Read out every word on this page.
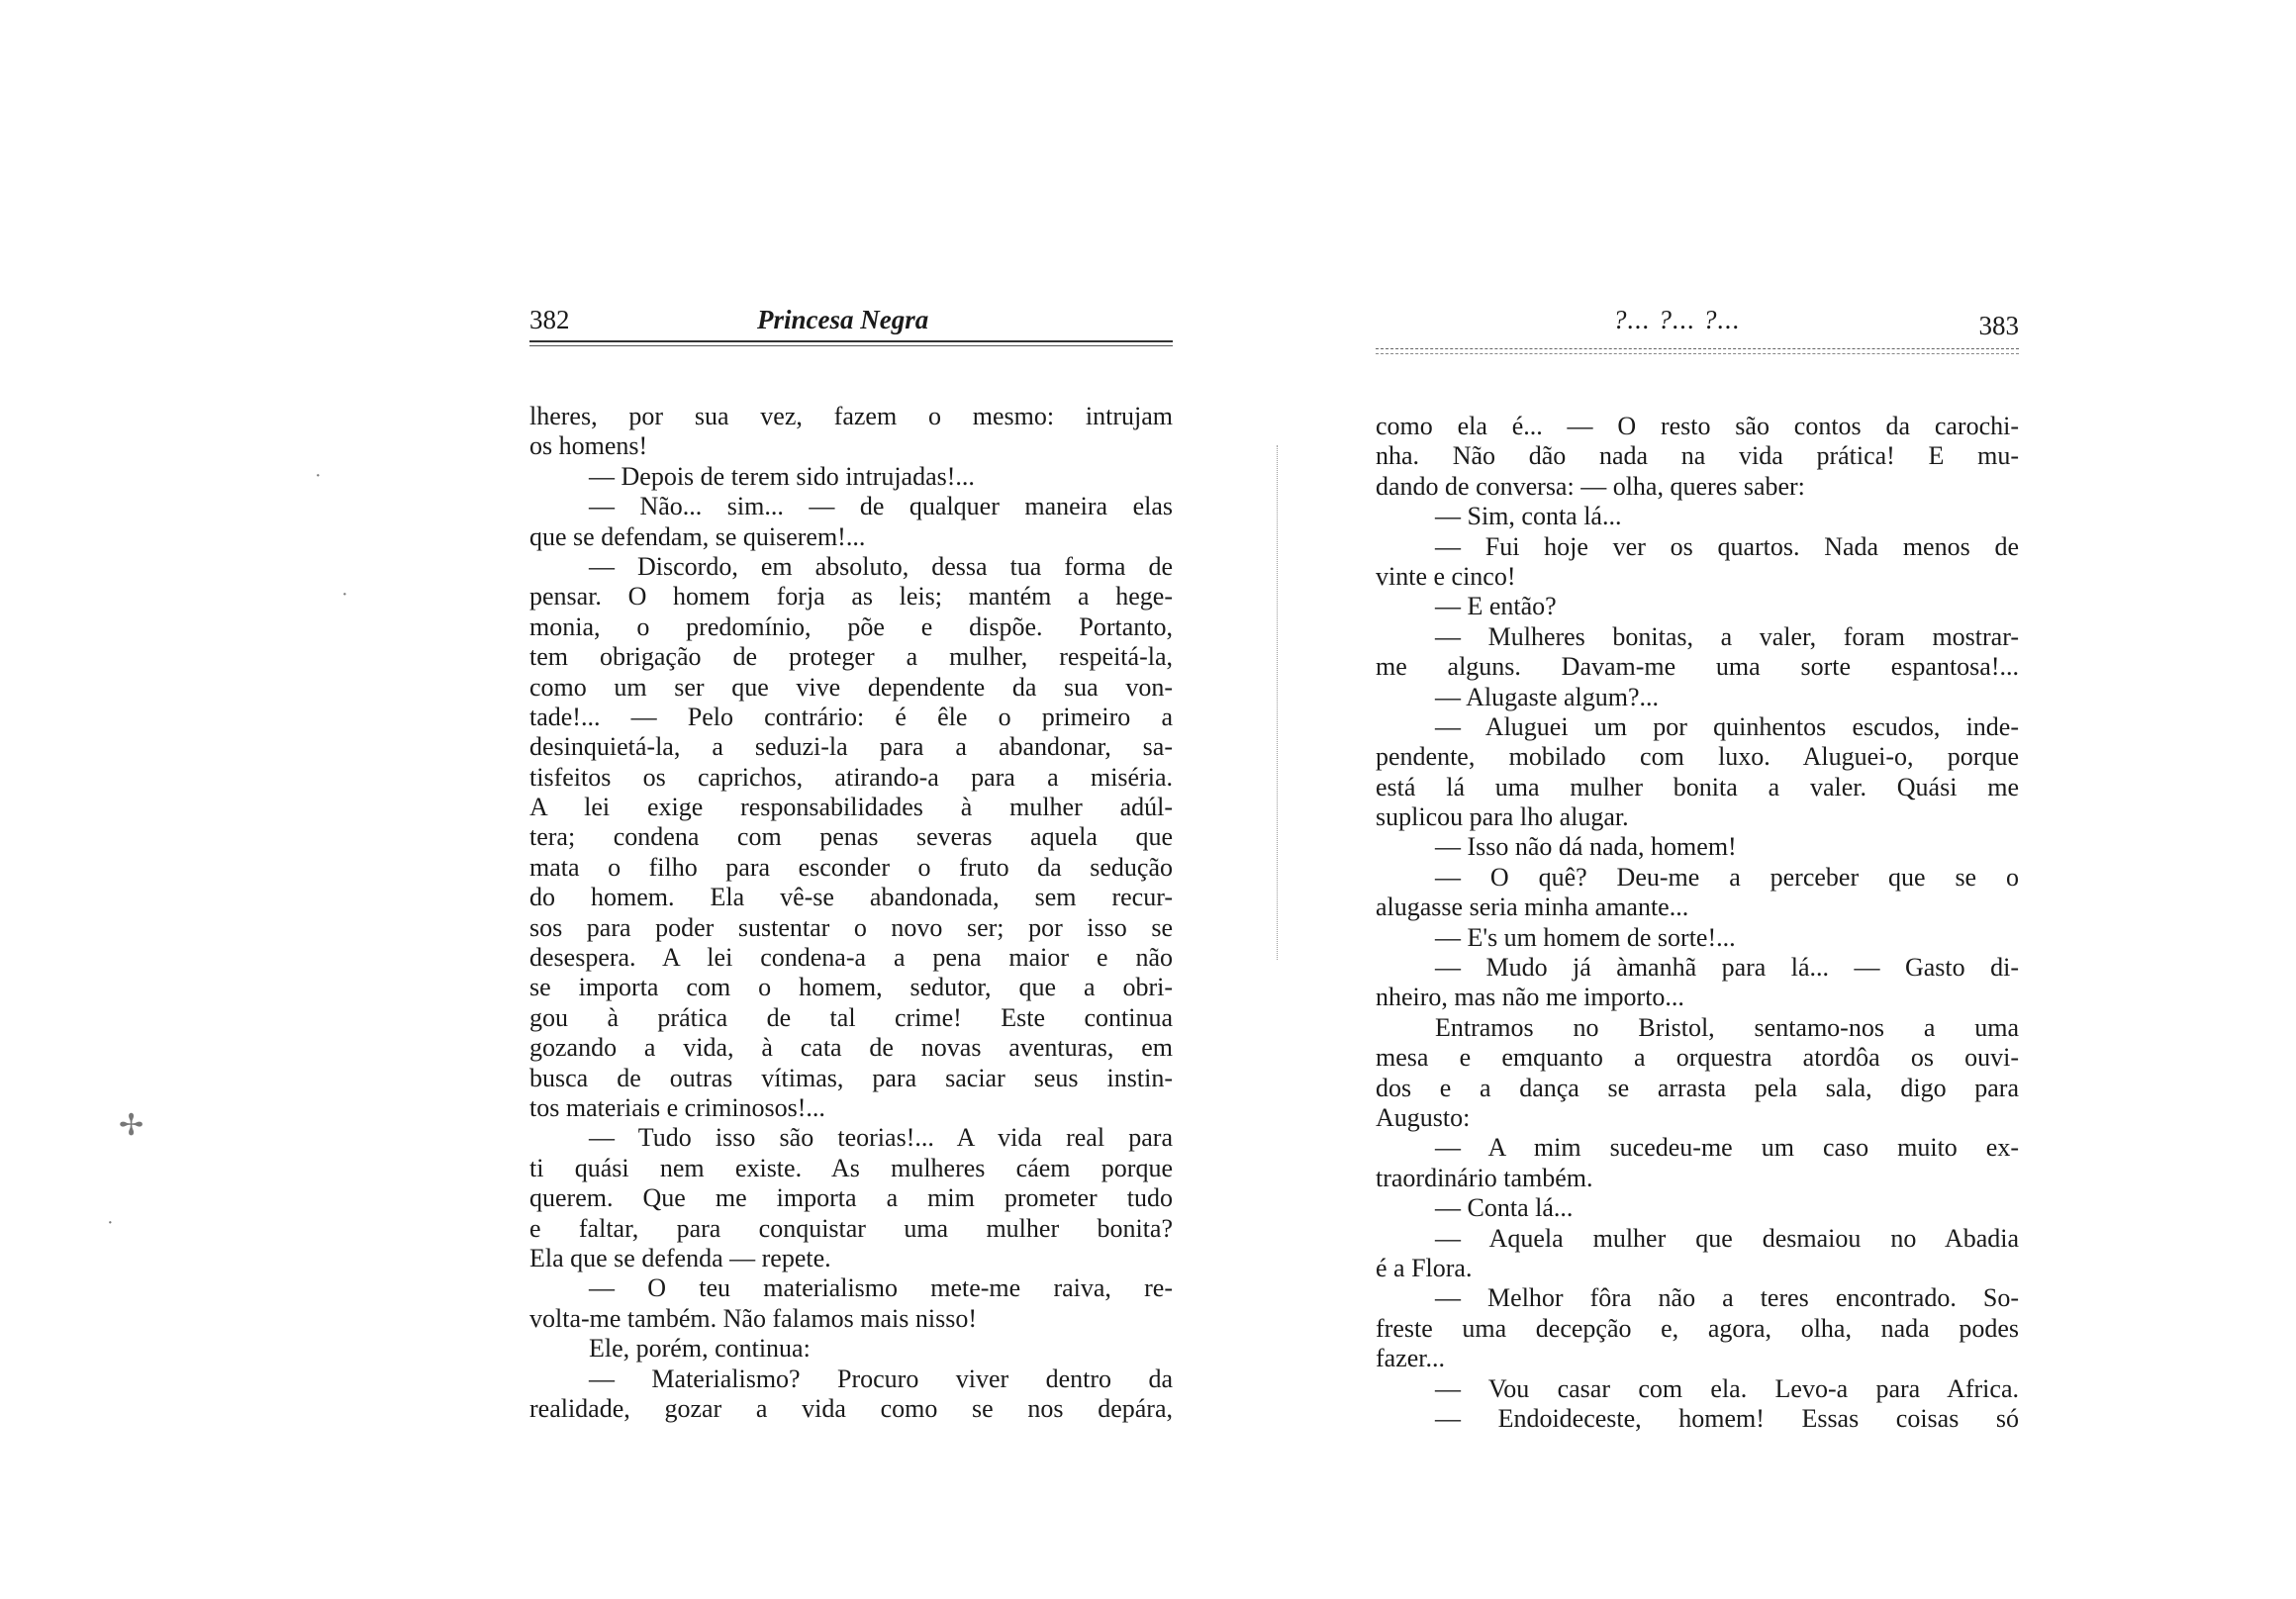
382	Princesa Negra
lheres, por sua vez, fazem o mesmo: intrujam
os homens!
— Depois de terem sido intrujadas!...
— Não... sim... — de qualquer maneira elas
que se defendam, se quiserem!...
— Discordo, em absoluto, dessa tua forma de
pensar. O homem forja as leis; mantém a hege-
monia, o predomínio, põe e dispõe. Portanto,
tem obrigação de proteger a mulher, respeitá-la,
como um ser que vive dependente da sua von-
tade!... — Pelo contrário: é êle o primeiro a
desinquietá-la, a seduzi-la para a abandonar, sa-
tisfeitos os caprichos, atirando-a para a miséria.
A lei exige responsabilidades à mulher adúl-
tera; condena com penas severas aquela que
mata o filho para esconder o fruto da sedução
do homem. Ela vê-se abandonada, sem recur-
sos para poder sustentar o novo ser; por isso se
desespera. A lei condena-a a pena maior e não
se importa com o homem, sedutor, que a obri-
gou à prática de tal crime! Este continua
gozando a vida, à cata de novas aventuras, em
busca de outras vítimas, para saciar seus instin-
tos materiais e criminosos!...
— Tudo isso são teorias!... A vida real para
ti quási nem existe. As mulheres cáem porque
querem. Que me importa a mim prometer tudo
e faltar, para conquistar uma mulher bonita?
Ela que se defenda — repete.
— O teu materialismo mete-me raiva, re-
volta-me também. Não falamos mais nisso!
Ele, porém, continua:
— Materialismo? Procuro viver dentro da
realidade, gozar a vida como se nos depára,
·
·
✢
·
?... ?... ?...	383
como ela é... — O resto são contos da carochi-
nha. Não dão nada na vida prática! E mu-
dando de conversa: — olha, queres saber:
— Sim, conta lá...
— Fui hoje ver os quartos. Nada menos de
vinte e cinco!
— E então?
— Mulheres bonitas, a valer, foram mostrar-
me alguns. Davam-me uma sorte espantosa!...
— Alugaste algum?...
— Aluguei um por quinhentos escudos, inde-
pendente, mobilado com luxo. Aluguei-o, porque
está lá uma mulher bonita a valer. Quási me
suplicou para lho alugar.
— Isso não dá nada, homem!
— O quê? Deu-me a perceber que se o
alugasse seria minha amante...
— E's um homem de sorte!...
— Mudo já àmanhã para lá... — Gasto di-
nheiro, mas não me importo...
Entramos no Bristol, sentamo-nos a uma
mesa e emquanto a orquestra atordôa os ouvi-
dos e a dança se arrasta pela sala, digo para
Augusto:
— A mim sucedeu-me um caso muito ex-
traordinário também.
— Conta lá...
— Aquela mulher que desmaiou no Abadia
é a Flora.
— Melhor fôra não a teres encontrado. So-
freste uma decepção e, agora, olha, nada podes
fazer...
— Vou casar com ela. Levo-a para Africa.
— Endoideceste, homem! Essas coisas só
